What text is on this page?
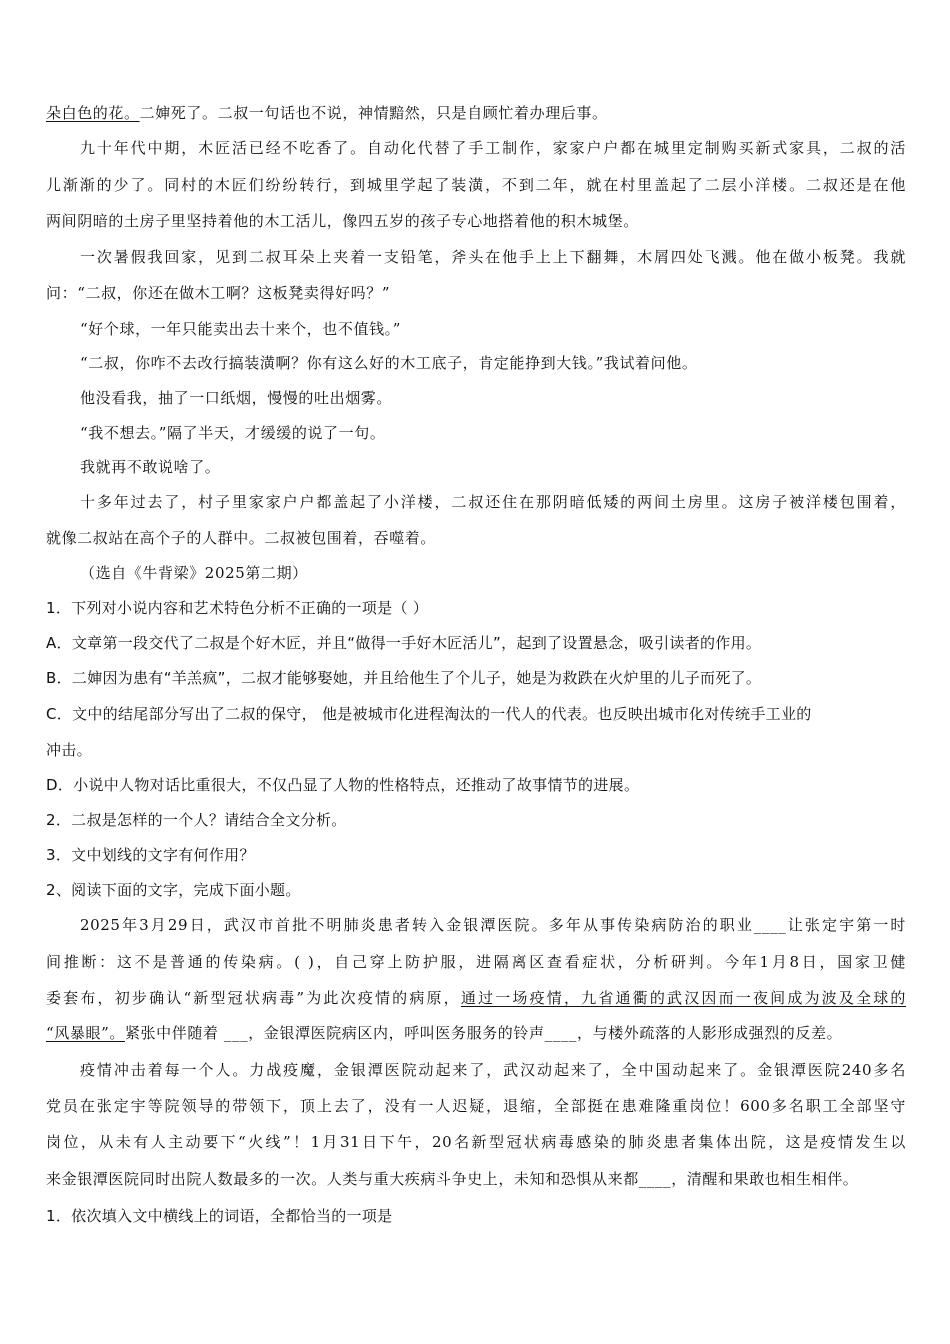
朵白色的花。二婶死了。二叔一句话也不说，神情黯然，只是自顾忙着办理后事。
九十年代中期，木匠活已经不吃香了。自动化代替了手工制作，家家户户都在城里定制购买新式家具，二叔的活
儿渐渐的少了。同村的木匠们纷纷转行，到城里学起了装潢，不到二年，就在村里盖起了二层小洋楼。二叔还是在他
两间阴暗的土房子里坚持着他的木工活儿，像四五岁的孩子专心地搭着他的积木城堡。
一次暑假我回家，见到二叔耳朵上夹着一支铅笔，斧头在他手上上下翻舞，木屑四处飞溅。他在做小板凳。我就
问：“二叔，你还在做木工啊？这板凳卖得好吗？”
“好个球，一年只能卖出去十来个，也不值钱。”
“二叔，你咋不去改行搞装潢啊？你有这么好的木工底子，肯定能挣到大钱。”我试着问他。
他没看我，抽了一口纸烟，慢慢的吐出烟雾。
“我不想去。”隔了半天，才缓缓的说了一句。
我就再不敢说啥了。
十多年过去了，村子里家家户户都盖起了小洋楼，二叔还住在那阴暗低矮的两间土房里。这房子被洋楼包围着，
就像二叔站在高个子的人群中。二叔被包围着，吞噬着。
（选自《牛背梁》2025第二期）
1．下列对小说内容和艺术特色分析不正确的一项是（ ）
A．文章第一段交代了二叔是个好木匠，并且“做得一手好木匠活儿”，起到了设置悬念，吸引读者的作用。
B．二婶因为患有“羊羔疯”，二叔才能够娶她，并且给他生了个儿子，她是为救跌在火炉里的儿子而死了。
C．文中的结尾部分写出了二叔的保守， 他是被城市化进程淘汰的一代人的代表。也反映出城市化对传统手工业的
冲击。
D．小说中人物对话比重很大，不仅凸显了人物的性格特点，还推动了故事情节的进展。
2．二叔是怎样的一个人？请结合全文分析。
3．文中划线的文字有何作用？
2、阅读下面的文字，完成下面小题。
2025年3月29日，武汉市首批不明肺炎患者转入金银潭医院。多年从事传染病防治的职业____让张定宇第一时
间推断：这不是普通的传染病。( )，自己穿上防护服，进隔离区查看症状，分析研判。今年1月8日，国家卫健
委套布，初步确认“新型冠状病毒”为此次疫情的病原，通过一场疫情，九省通衢的武汉因而一夜间成为波及全球的
“风暴眼”。紧张中伴随着 ___，金银潭医院病区内，呼叫医务服务的铃声____，与楼外疏落的人影形成强烈的反差。
疫情冲击着每一个人。力战疫魔，金银潭医院动起来了，武汉动起来了，全中国动起来了。金银潭医院240多名
党员在张定宇等院领导的带领下，顶上去了，没有一人迟疑，退缩，全部挺在患难隆重岗位！600多名职工全部坚守
岗位，从未有人主动要下“火线”！1月31日下午，20名新型冠状病毒感染的肺炎患者集体出院，这是疫情发生以
来金银潭医院同时出院人数最多的一次。人类与重大疾病斗争史上，未知和恐惧从来都____，清醒和果敢也相生相伴。
1．依次填入文中横线上的词语，全都恰当的一项是
